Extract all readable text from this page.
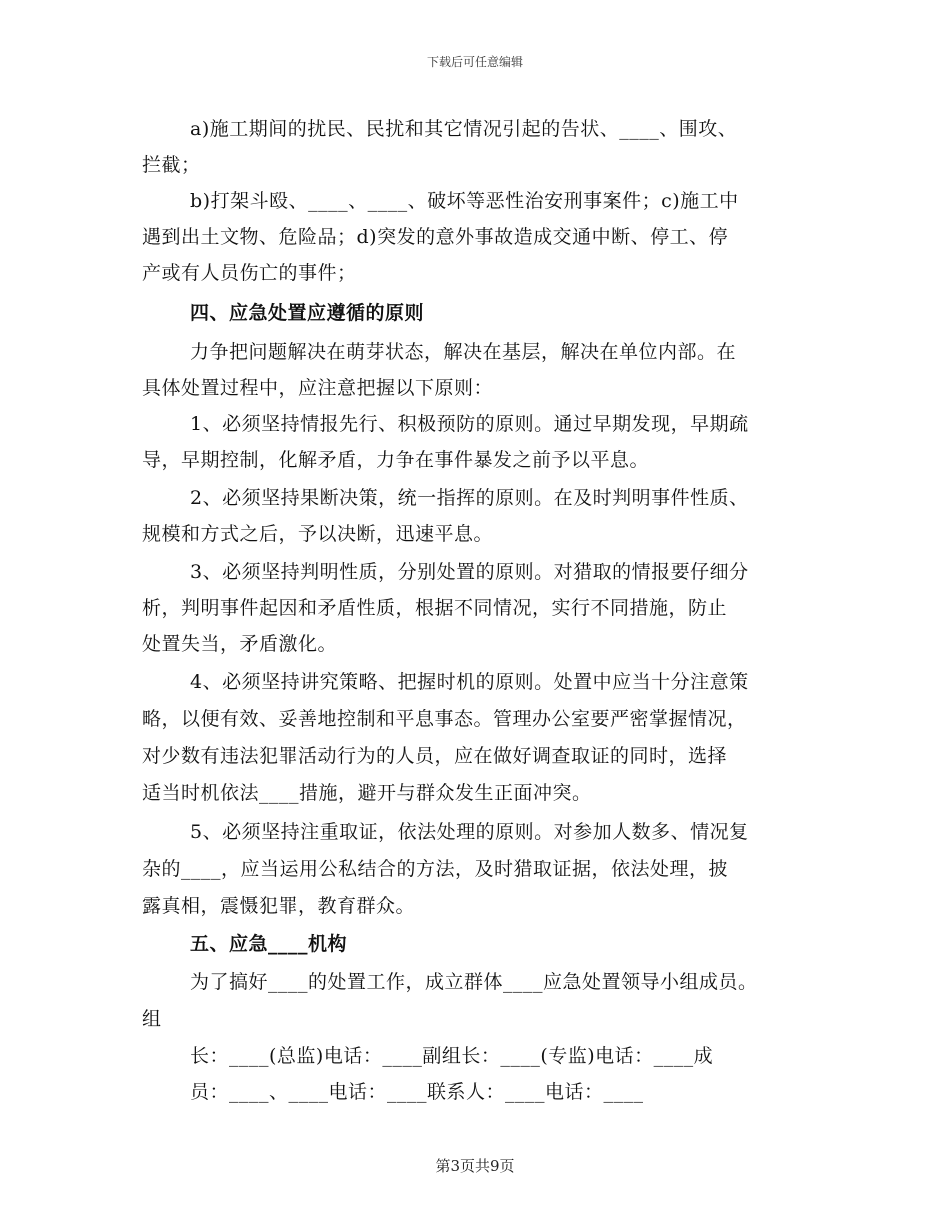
下载后可任意编辑
a)施工期间的扰民、民扰和其它情况引起的告状、____、围攻、
拦截；
b)打架斗殴、____、____、破坏等恶性治安刑事案件；c)施工中
遇到出土文物、危险品；d)突发的意外事故造成交通中断、停工、停
产或有人员伤亡的事件；
四、应急处置应遵循的原则
力争把问题解决在萌芽状态，解决在基层，解决在单位内部。在
具体处置过程中，应注意把握以下原则：
1、必须坚持情报先行、积极预防的原则。通过早期发现，早期疏
导，早期控制，化解矛盾，力争在事件暴发之前予以平息。
2、必须坚持果断决策，统一指挥的原则。在及时判明事件性质、
规模和方式之后，予以决断，迅速平息。
3、必须坚持判明性质，分别处置的原则。对猎取的情报要仔细分
析，判明事件起因和矛盾性质，根据不同情况，实行不同措施，防止
处置失当，矛盾激化。
4、必须坚持讲究策略、把握时机的原则。处置中应当十分注意策
略，以便有效、妥善地控制和平息事态。管理办公室要严密掌握情况，
对少数有违法犯罪活动行为的人员，应在做好调查取证的同时，选择
适当时机依法____措施，避开与群众发生正面冲突。
5、必须坚持注重取证，依法处理的原则。对参加人数多、情况复
杂的____，应当运用公私结合的方法，及时猎取证据，依法处理，披
露真相，震慑犯罪，教育群众。
五、应急____机构
为了搞好____的处置工作，成立群体____应急处置领导小组成员。
组
长：____(总监)电话：____副组长：____(专监)电话：____成
员：____、____电话：____联系人：____电话：____
第3页共9页
